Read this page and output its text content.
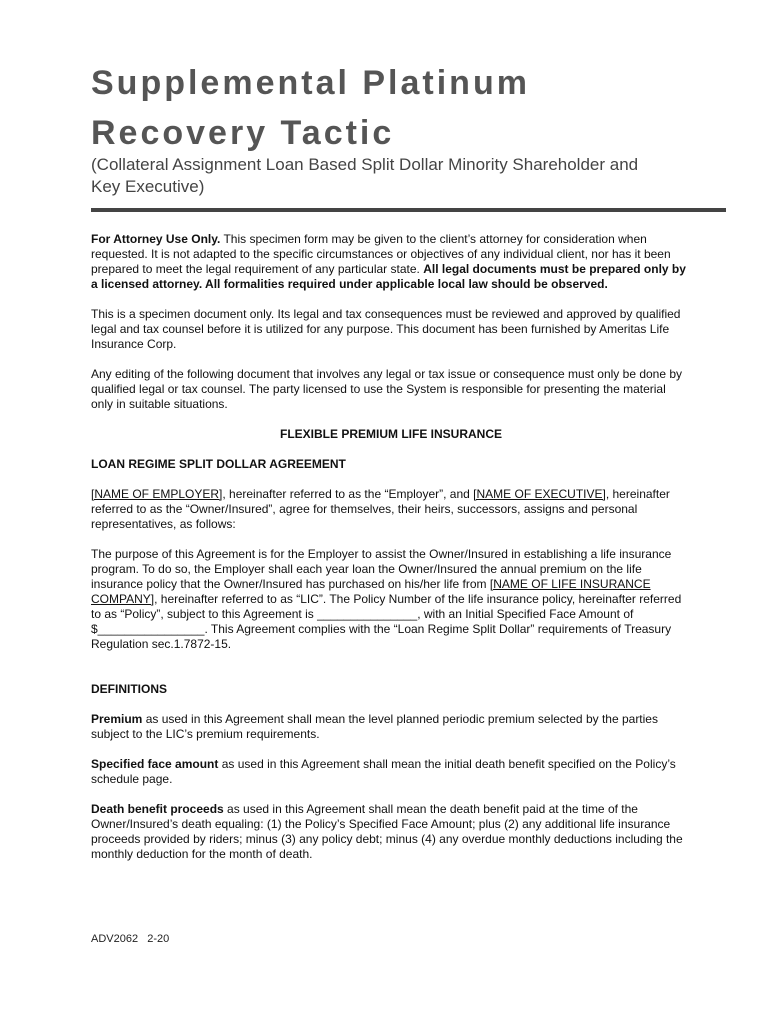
Supplemental Platinum
Recovery Tactic

(Collateral Assignment Loan Based Split Dollar Minority Shareholder and
Key Executive)

For Attorney Use Only. This specimen form may be given to the client’s attorney for consideration when requested. It is not adapted to the specific circumstances or objectives of any individual client, nor has it been prepared to meet the legal requirement of any particular state. All legal documents must be prepared only by a licensed attorney. All formalities required under applicable local law should be observed.

This is a specimen document only. Its legal and tax consequences must be reviewed and approved by qualified legal and tax counsel before it is utilized for any purpose. This document has been furnished by Ameritas Life Insurance Corp.

Any editing of the following document that involves any legal or tax issue or consequence must only be done by qualified legal or tax counsel. The party licensed to use the System is responsible for presenting the material only in suitable situations.

FLEXIBLE PREMIUM LIFE INSURANCE

LOAN REGIME SPLIT DOLLAR AGREEMENT

[NAME OF EMPLOYER], hereinafter referred to as the “Employer”, and [NAME OF EXECUTIVE], hereinafter referred to as the “Owner/Insured”, agree for themselves, their heirs, successors, assigns and personal representatives, as follows:

The purpose of this Agreement is for the Employer to assist the Owner/Insured in establishing a life insurance program. To do so, the Employer shall each year loan the Owner/Insured the annual premium on the life insurance policy that the Owner/Insured has purchased on his/her life from [NAME OF LIFE INSURANCE COMPANY], hereinafter referred to as “LIC”. The Policy Number of the life insurance policy, hereinafter referred to as “Policy”, subject to this Agreement is _______________, with an Initial Specified Face Amount of $________________. This Agreement complies with the “Loan Regime Split Dollar” requirements of Treasury Regulation sec.1.7872-15.

DEFINITIONS

Premium as used in this Agreement shall mean the level planned periodic premium selected by the parties subject to the LIC’s premium requirements.

Specified face amount as used in this Agreement shall mean the initial death benefit specified on the Policy’s schedule page.

Death benefit proceeds as used in this Agreement shall mean the death benefit paid at the time of the Owner/Insured’s death equaling: (1) the Policy’s Specified Face Amount; plus (2) any additional life insurance proceeds provided by riders; minus (3) any policy debt; minus (4) any overdue monthly deductions including the monthly deduction for the month of death.

ADV2062   2-20
